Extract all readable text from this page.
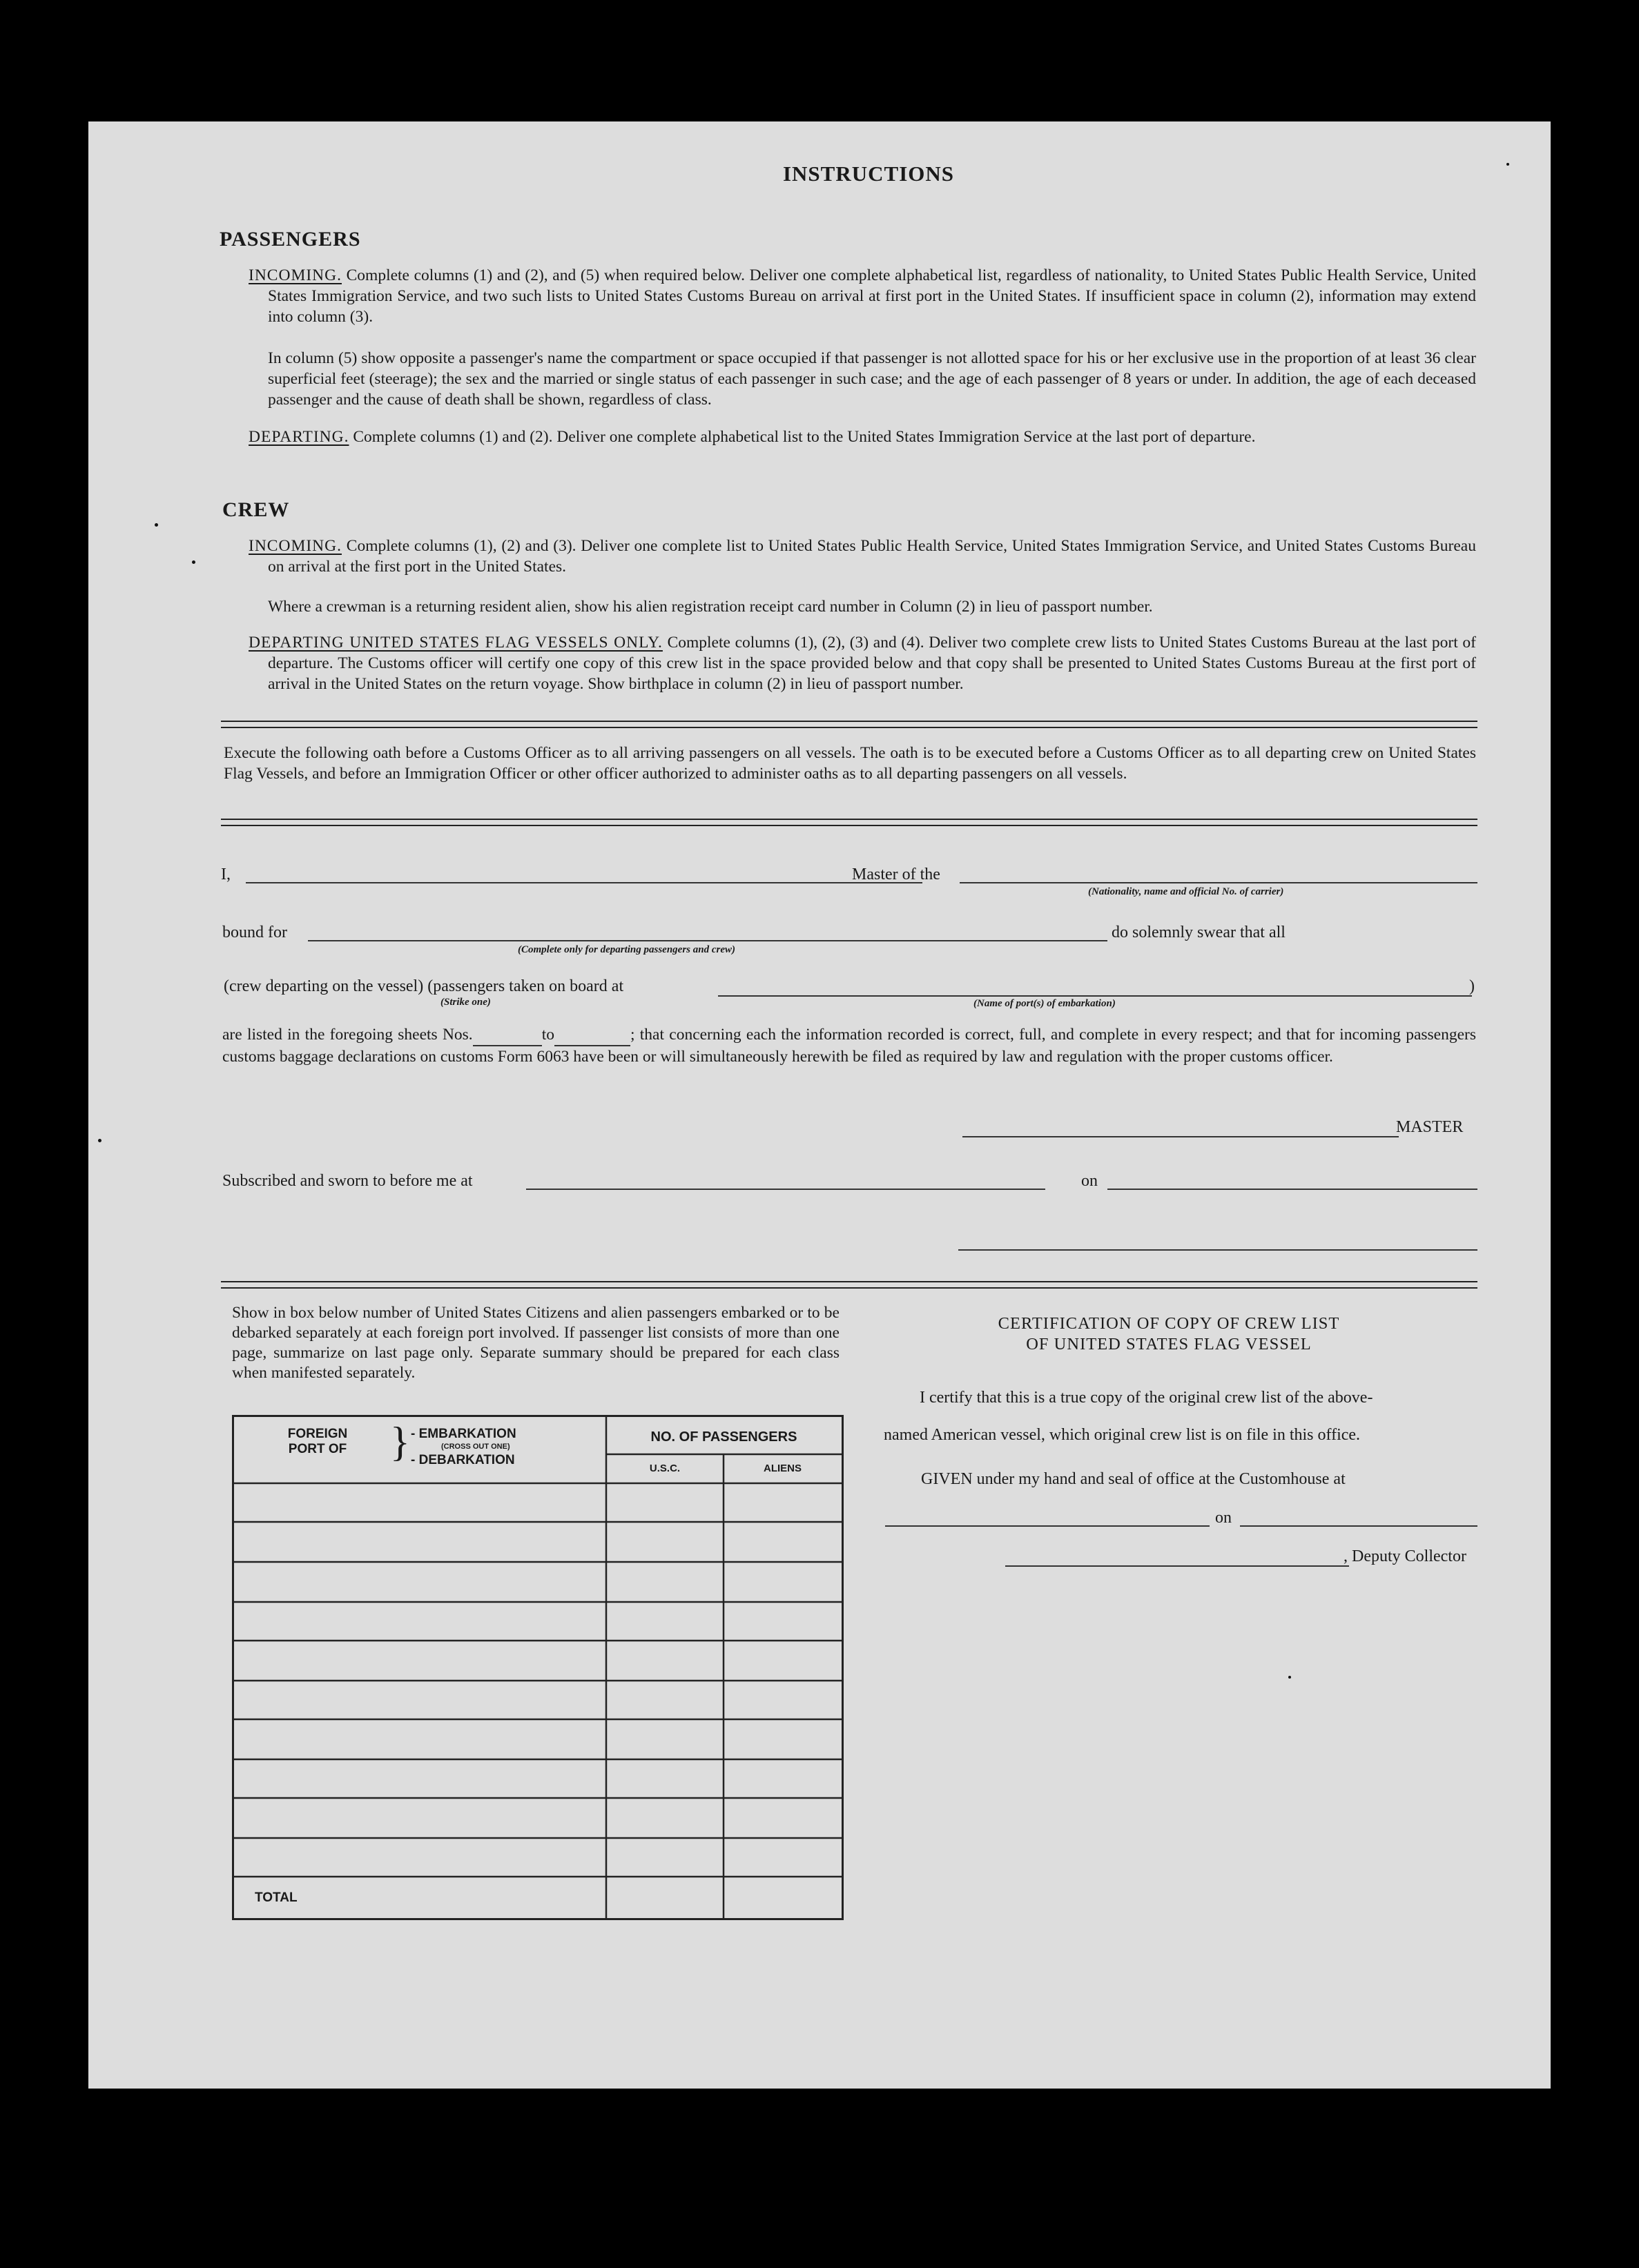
INSTRUCTIONS
PASSENGERS
INCOMING. Complete columns (1) and (2), and (5) when required below. Deliver one complete alphabetical list, regardless of nationality, to United States Public Health Service, United States Immigration Service, and two such lists to United States Customs Bureau on arrival at first port in the United States. If insufficient space in column (2), information may extend into column (3).
In column (5) show opposite a passenger's name the compartment or space occupied if that passenger is not allotted space for his or her exclusive use in the proportion of at least 36 clear superficial feet (steerage); the sex and the married or single status of each passenger in such case; and the age of each passenger of 8 years or under. In addition, the age of each deceased passenger and the cause of death shall be shown, regardless of class.
DEPARTING. Complete columns (1) and (2). Deliver one complete alphabetical list to the United States Immigration Service at the last port of departure.
CREW
INCOMING. Complete columns (1), (2) and (3). Deliver one complete list to United States Public Health Service, United States Immigration Service, and United States Customs Bureau on arrival at the first port in the United States.
Where a crewman is a returning resident alien, show his alien registration receipt card number in Column (2) in lieu of passport number.
DEPARTING UNITED STATES FLAG VESSELS ONLY. Complete columns (1), (2), (3) and (4). Deliver two complete crew lists to United States Customs Bureau at the last port of departure. The Customs officer will certify one copy of this crew list in the space provided below and that copy shall be presented to United States Customs Bureau at the first port of arrival in the United States on the return voyage. Show birthplace in column (2) in lieu of passport number.
Execute the following oath before a Customs Officer as to all arriving passengers on all vessels. The oath is to be executed before a Customs Officer as to all departing crew on United States Flag Vessels, and before an Immigration Officer or other officer authorized to administer oaths as to all departing passengers on all vessels.
I,	Master of the
(Nationality, name and official No. of carrier)
bound for
(Complete only for departing passengers and crew)
do solemnly swear that all
(crew departing on the vessel) (passengers taken on board at
(Strike one)	(Name of port(s) of embarkation)
)
are listed in the foregoing sheets Nos.	to	; that concerning each the information recorded is correct, full, and complete in every respect; and that for incoming passengers customs baggage declarations on customs Form 6063 have been or will simultaneously herewith be filed as required by law and regulation with the proper customs officer.
MASTER
Subscribed and sworn to before me at	on
Show in box below number of United States Citizens and alien passengers embarked or to be debarked separately at each foreign port involved. If passenger list consists of more than one page, summarize on last page only. Separate summary should be prepared for each class when manifested separately.
FOREIGN PORT OF	} - EMBARKATION
(CROSS OUT ONE)
- DEBARKATION
NO. OF PASSENGERS
U.S.C.	ALIENS
TOTAL
CERTIFICATION OF COPY OF CREW LIST
OF UNITED STATES FLAG VESSEL
I certify that this is a true copy of the original crew list of the above-
named American vessel, which original crew list is on file in this office.
GIVEN under my hand and seal of office at the Customhouse at
on
, Deputy Collector
